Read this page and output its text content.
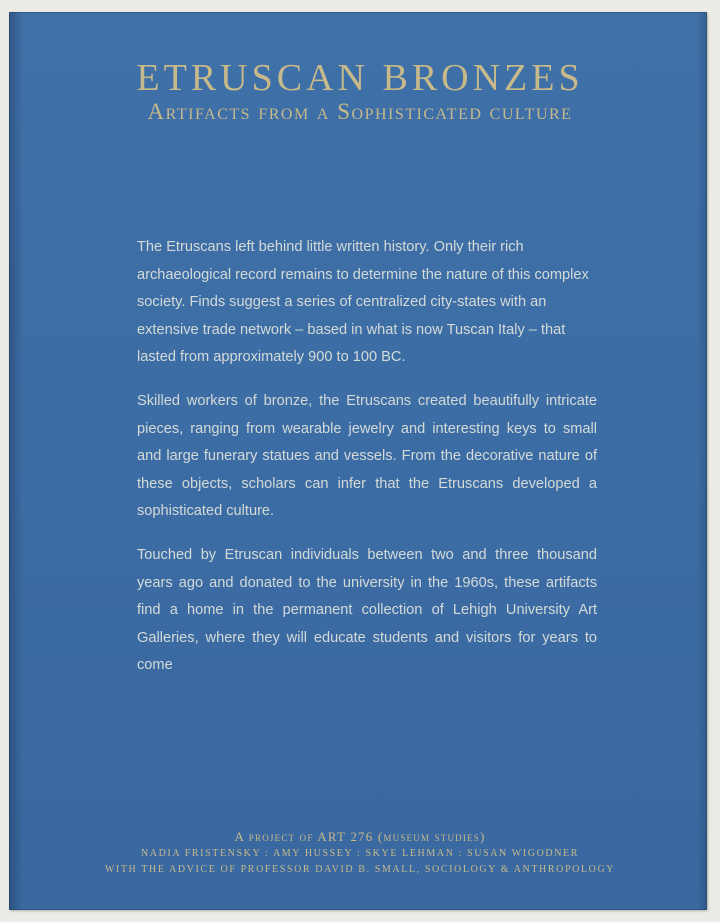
ETRUSCAN BRONZES
Artifacts from a Sophisticated culture

The Etruscans left behind little written history. Only their rich archaeological record remains to determine the nature of this complex society. Finds suggest a series of centralized city-states with an extensive trade network – based in what is now Tuscan Italy – that lasted from approximately 900 to 100 BC.

Skilled workers of bronze, the Etruscans created beautifully intricate pieces, ranging from wearable jewelry and interesting keys to small and large funerary statues and vessels. From the decorative nature of these objects, scholars can infer that the Etruscans developed a sophisticated culture.

Touched by Etruscan individuals between two and three thousand years ago and donated to the university in the 1960s, these artifacts find a home in the permanent collection of Lehigh University Art Galleries, where they will educate students and visitors for years to come

A project of ART 276 (museum studies)
NADIA FRISTENSKY : AMY HUSSEY : SKYE LEHMAN : SUSAN WIGODNER
WITH THE ADVICE OF PROFESSOR DAVID B. SMALL, SOCIOLOGY & ANTHROPOLOGY
